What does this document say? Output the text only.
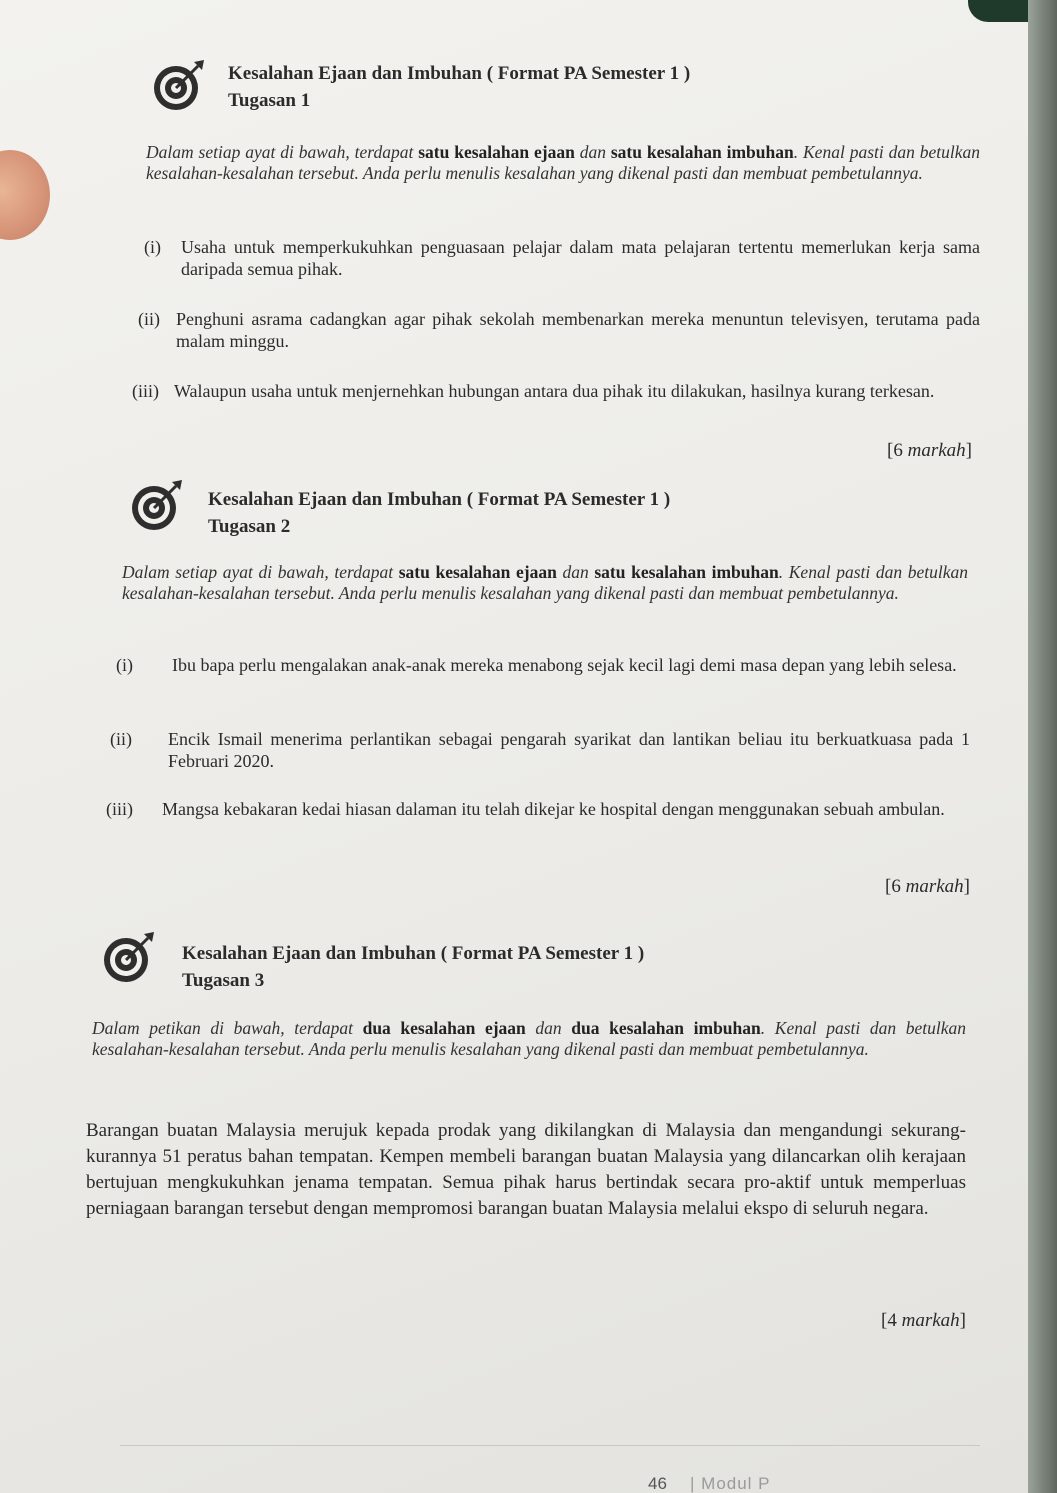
Kesalahan Ejaan dan Imbuhan ( Format PA Semester 1 )
Tugasan 1
Dalam setiap ayat di bawah, terdapat satu kesalahan ejaan dan satu kesalahan imbuhan. Kenal pasti dan betulkan kesalahan-kesalahan tersebut. Anda perlu menulis kesalahan yang dikenal pasti dan membuat pembetulannya.
(i)	Usaha untuk memperkukuhkan penguasaan pelajar dalam mata pelajaran tertentu memerlukan kerja sama daripada semua pihak.
(ii) Penghuni asrama cadangkan agar pihak sekolah membenarkan mereka menuntun televisyen, terutama pada malam minggu.
(iii) Walaupun usaha untuk menjernehkan hubungan antara dua pihak itu dilakukan, hasilnya kurang terkesan.
[6 markah]
Kesalahan Ejaan dan Imbuhan ( Format PA Semester 1 )
Tugasan 2
Dalam setiap ayat di bawah, terdapat satu kesalahan ejaan dan satu kesalahan imbuhan. Kenal pasti dan betulkan kesalahan-kesalahan tersebut. Anda perlu menulis kesalahan yang dikenal pasti dan membuat pembetulannya.
(i)	Ibu bapa perlu mengalakan anak-anak mereka menabong sejak kecil lagi demi masa depan yang lebih selesa.
(ii)	Encik Ismail menerima perlantikan sebagai pengarah syarikat dan lantikan beliau itu berkuatkuasa pada 1 Februari 2020.
(iii)	Mangsa kebakaran kedai hiasan dalaman itu telah dikejar ke hospital dengan menggunakan sebuah ambulan.
[6 markah]
Kesalahan Ejaan dan Imbuhan ( Format PA Semester 1 )
Tugasan 3
Dalam petikan di bawah, terdapat dua kesalahan ejaan dan dua kesalahan imbuhan. Kenal pasti dan betulkan kesalahan-kesalahan tersebut. Anda perlu menulis kesalahan yang dikenal pasti dan membuat pembetulannya.
Barangan buatan Malaysia merujuk kepada prodak yang dikilangkan di Malaysia dan mengandungi sekurang-kurannya 51 peratus bahan tempatan. Kempen membeli barangan buatan Malaysia yang dilancarkan olih kerajaan bertujuan mengkukuhkan jenama tempatan. Semua pihak harus bertindak secara pro-aktif untuk memperluas perniagaan barangan tersebut dengan mempromosi barangan buatan Malaysia melalui ekspo di seluruh negara.
[4 markah]
46 | Modul P
